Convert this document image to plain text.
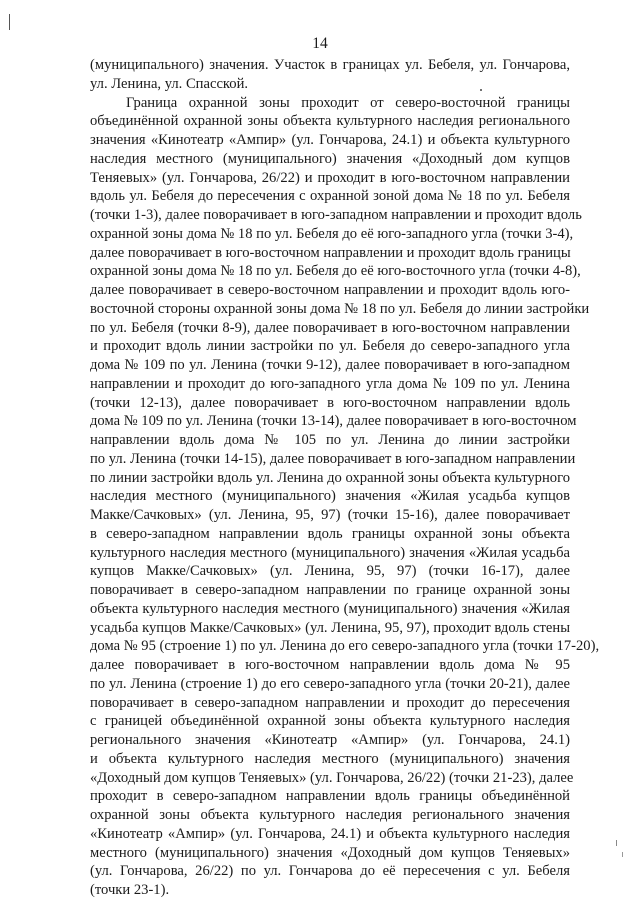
14
(муниципального) значения. Участок в границах ул. Бебеля, ул. Гончарова,
ул. Ленина, ул. Спасской.
Граница охранной зоны проходит от северо-восточной границы
объединённой охранной зоны объекта культурного наследия регионального
значения «Кинотеатр «Ампир» (ул. Гончарова, 24.1) и объекта культурного
наследия местного (муниципального) значения «Доходный дом купцов
Теняевых» (ул. Гончарова, 26/22) и проходит в юго-восточном направлении
вдоль ул. Бебеля до пересечения с охранной зоной дома № 18 по ул. Бебеля
(точки 1-3), далее поворачивает в юго-западном направлении и проходит вдоль
охранной зоны дома № 18 по ул. Бебеля до её юго-западного угла (точки 3-4),
далее поворачивает в юго-восточном направлении и проходит вдоль границы
охранной зоны дома № 18 по ул. Бебеля до её юго-восточного угла (точки 4-8),
далее поворачивает в северо-восточном направлении и проходит вдоль юго-
восточной стороны охранной зоны дома № 18 по ул. Бебеля до линии застройки
по ул. Бебеля (точки 8-9), далее поворачивает в юго-восточном направлении
и проходит вдоль линии застройки по ул. Бебеля до северо-западного угла
дома № 109 по ул. Ленина (точки 9-12), далее поворачивает в юго-западном
направлении и проходит до юго-западного угла дома № 109 по ул. Ленина
(точки 12-13), далее поворачивает в юго-восточном направлении вдоль
дома № 109 по ул. Ленина (точки 13-14), далее поворачивает в юго-восточном
направлении вдоль дома № 105 по ул. Ленина до линии застройки
по ул. Ленина (точки 14-15), далее поворачивает в юго-западном направлении
по линии застройки вдоль ул. Ленина до охранной зоны объекта культурного
наследия местного (муниципального) значения «Жилая усадьба купцов
Макке/Сачковых» (ул. Ленина, 95, 97) (точки 15-16), далее поворачивает
в северо-западном направлении вдоль границы охранной зоны объекта
культурного наследия местного (муниципального) значения «Жилая усадьба
купцов Макке/Сачковых» (ул. Ленина, 95, 97) (точки 16-17), далее
поворачивает в северо-западном направлении по границе охранной зоны
объекта культурного наследия местного (муниципального) значения «Жилая
усадьба купцов Макке/Сачковых» (ул. Ленина, 95, 97), проходит вдоль стены
дома № 95 (строение 1) по ул. Ленина до его северо-западного угла (точки 17-20),
далее поворачивает в юго-восточном направлении вдоль дома № 95
по ул. Ленина (строение 1) до его северо-западного угла (точки 20-21), далее
поворачивает в северо-западном направлении и проходит до пересечения
с границей объединённой охранной зоны объекта культурного наследия
регионального значения «Кинотеатр «Ампир» (ул. Гончарова, 24.1)
и объекта культурного наследия местного (муниципального) значения
«Доходный дом купцов Теняевых» (ул. Гончарова, 26/22) (точки 21-23), далее
проходит в северо-западном направлении вдоль границы объединённой
охранной зоны объекта культурного наследия регионального значения
«Кинотеатр «Ампир» (ул. Гончарова, 24.1) и объекта культурного наследия
местного (муниципального) значения «Доходный дом купцов Теняевых»
(ул. Гончарова, 26/22) по ул. Гончарова до её пересечения с ул. Бебеля
(точки 23-1).
